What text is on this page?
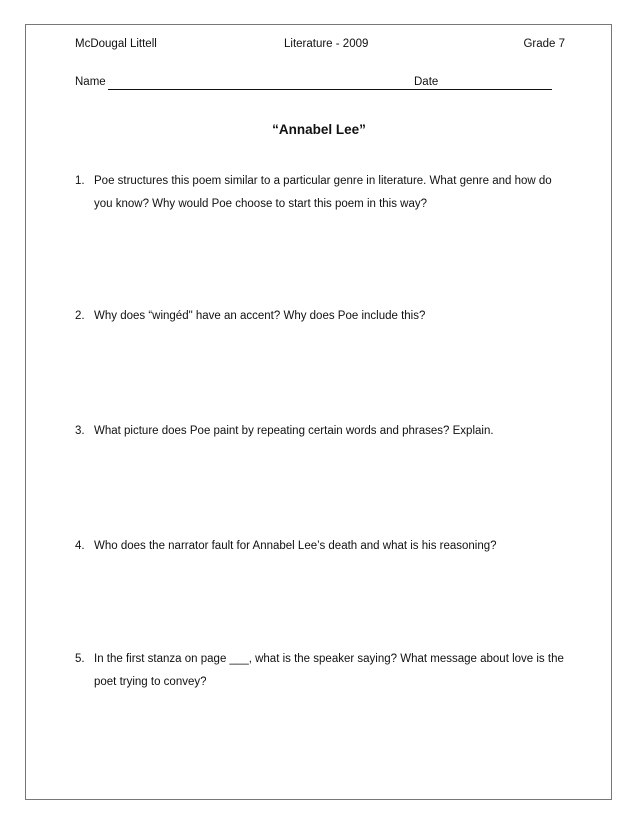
McDougal Littell	Literature - 2009	Grade 7
Name	Date
“Annabel Lee”
1. Poe structures this poem similar to a particular genre in literature. What genre and how do you know? Why would Poe choose to start this poem in this way?
2. Why does “wingéd" have an accent? Why does Poe include this?
3. What picture does Poe paint by repeating certain words and phrases? Explain.
4. Who does the narrator fault for Annabel Lee’s death and what is his reasoning?
5. In the first stanza on page ___, what is the speaker saying? What message about love is the poet trying to convey?
